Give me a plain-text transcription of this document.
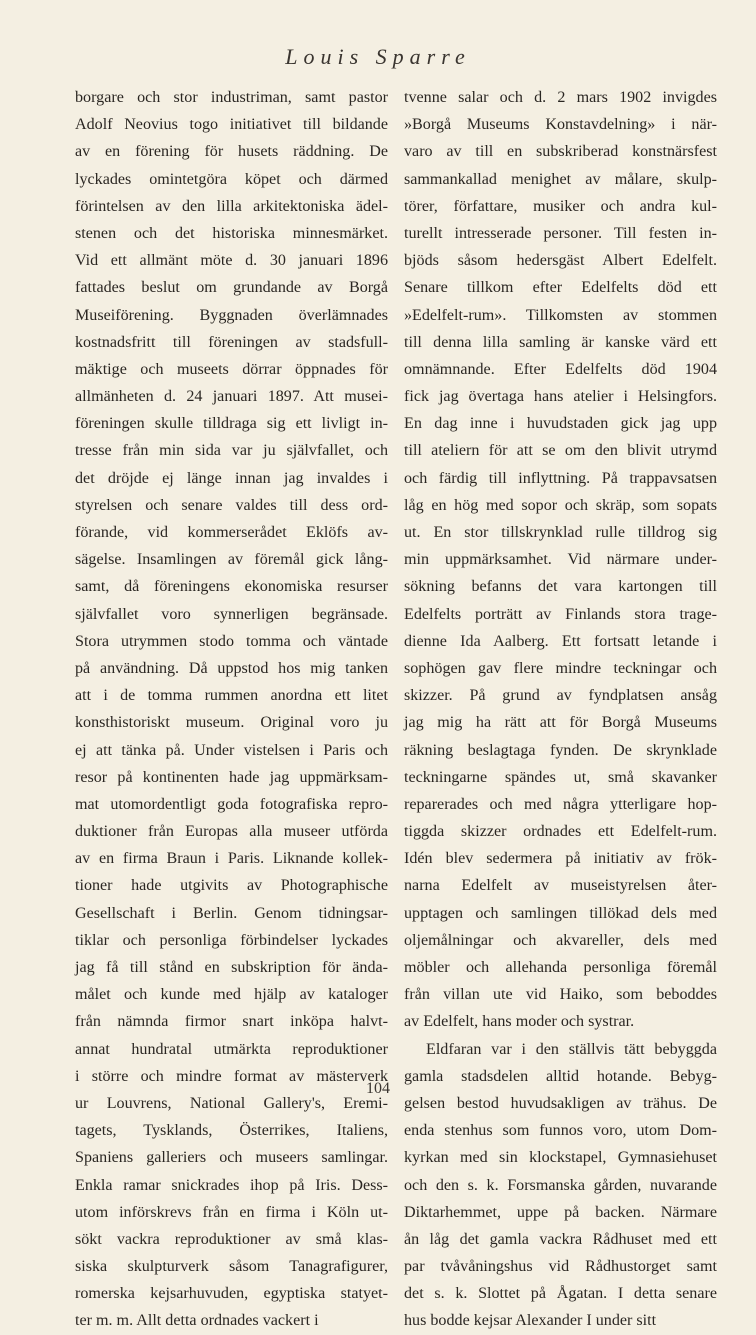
Louis Sparre
borgare och stor industriman, samt pastor
Adolf Neovius togo initiativet till bildande
av en förening för husets räddning. De
lyckades omintetgöra köpet och därmed
förintelsen av den lilla arkitektoniska ädel-
stenen och det historiska minnesmärket.
Vid ett allmänt möte d. 30 januari 1896
fattades beslut om grundande av Borgå
Museiförening. Byggnaden överlämnades
kostnadsfritt till föreningen av stadsfull-
mäktige och museets dörrar öppnades för
allmänheten d. 24 januari 1897. Att musei-
föreningen skulle tilldraga sig ett livligt in-
tresse från min sida var ju självfallet, och
det dröjde ej länge innan jag invaldes i
styrelsen och senare valdes till dess ord-
förande, vid kommerserådet Eklöfs av-
sägelse. Insamlingen av föremål gick lång-
samt, då föreningens ekonomiska resurser
självfallet voro synnerligen begränsade.
Stora utrymmen stodo tomma och väntade
på användning. Då uppstod hos mig tanken
att i de tomma rummen anordna ett litet
konsthistoriskt museum. Original voro ju
ej att tänka på. Under vistelsen i Paris och
resor på kontinenten hade jag uppmärksam-
mat utomordentligt goda fotografiska repro-
duktioner från Europas alla museer utförda
av en firma Braun i Paris. Liknande kollek-
tioner hade utgivits av Photographische
Gesellschaft i Berlin. Genom tidningsar-
tiklar och personliga förbindelser lyckades
jag få till stånd en subskription för ända-
målet och kunde med hjälp av kataloger
från nämnda firmor snart inköpa halvt-
annat hundratal utmärkta reproduktioner
i större och mindre format av mästerverk
ur Louvrens, National Gallery's, Eremi-
tagets, Tysklands, Österrikes, Italiens,
Spaniens galleriers och museers samlingar.
Enkla ramar snickrades ihop på Iris. Dess-
utom införskrevs från en firma i Köln ut-
sökt vackra reproduktioner av små klas-
siska skulpturverk såsom Tanagrafigurer,
romerska kejsarhuvuden, egyptiska statyet-
ter m. m. Allt detta ordnades vackert i
tvenne salar och d. 2 mars 1902 invigdes
»Borgå Museums Konstavdelning» i när-
varo av till en subskriberad konstnärsfest
sammankallad menighet av målare, skulp-
törer, författare, musiker och andra kul-
turellt intresserade personer. Till festen in-
bjöds såsom hedersgäst Albert Edelfelt.
Senare tillkom efter Edelfelts död ett
»Edelfelt-rum». Tillkomsten av stommen
till denna lilla samling är kanske värd ett
omnämnande. Efter Edelfelts död 1904
fick jag övertaga hans atelier i Helsingfors.
En dag inne i huvudstaden gick jag upp
till ateliern för att se om den blivit utrymd
och färdig till inflyttning. På trappavsatsen
låg en hög med sopor och skräp, som sopats
ut. En stor tillskrynklad rulle tilldrog sig
min uppmärksamhet. Vid närmare under-
sökning befanns det vara kartongen till
Edelfelts porträtt av Finlands stora trage-
dienne Ida Aalberg. Ett fortsatt letande i
sophögen gav flere mindre teckningar och
skizzer. På grund av fyndplatsen ansåg
jag mig ha rätt att för Borgå Museums
räkning beslagtaga fynden. De skrynklade
teckningarne spändes ut, små skavanker
reparerades och med några ytterligare hop-
tiggda skizzer ordnades ett Edelfelt-rum.
Idén blev sedermera på initiativ av frök-
narna Edelfelt av museistyrelsen åter-
upptagen och samlingen tillökad dels med
oljemålningar och akvareller, dels med
möbler och allehanda personliga föremål
från villan ute vid Haiko, som beboddes
av Edelfelt, hans moder och systrar.
Eldfaran var i den ställvis tätt bebyggda
gamla stadsdelen alltid hotande. Bebyg-
gelsen bestod huvudsakligen av trähus. De
enda stenhus som funnos voro, utom Dom-
kyrkan med sin klockstapel, Gymnasiehuset
och den s. k. Forsmanska gården, nuvarande
Diktarhemmet, uppe på backen. Närmare
ån låg det gamla vackra Rådhuset med ett
par tvåvåningshus vid Rådhustorget samt
det s. k. Slottet på Ågatan. I detta senare
hus bodde kejsar Alexander I under sitt
104
